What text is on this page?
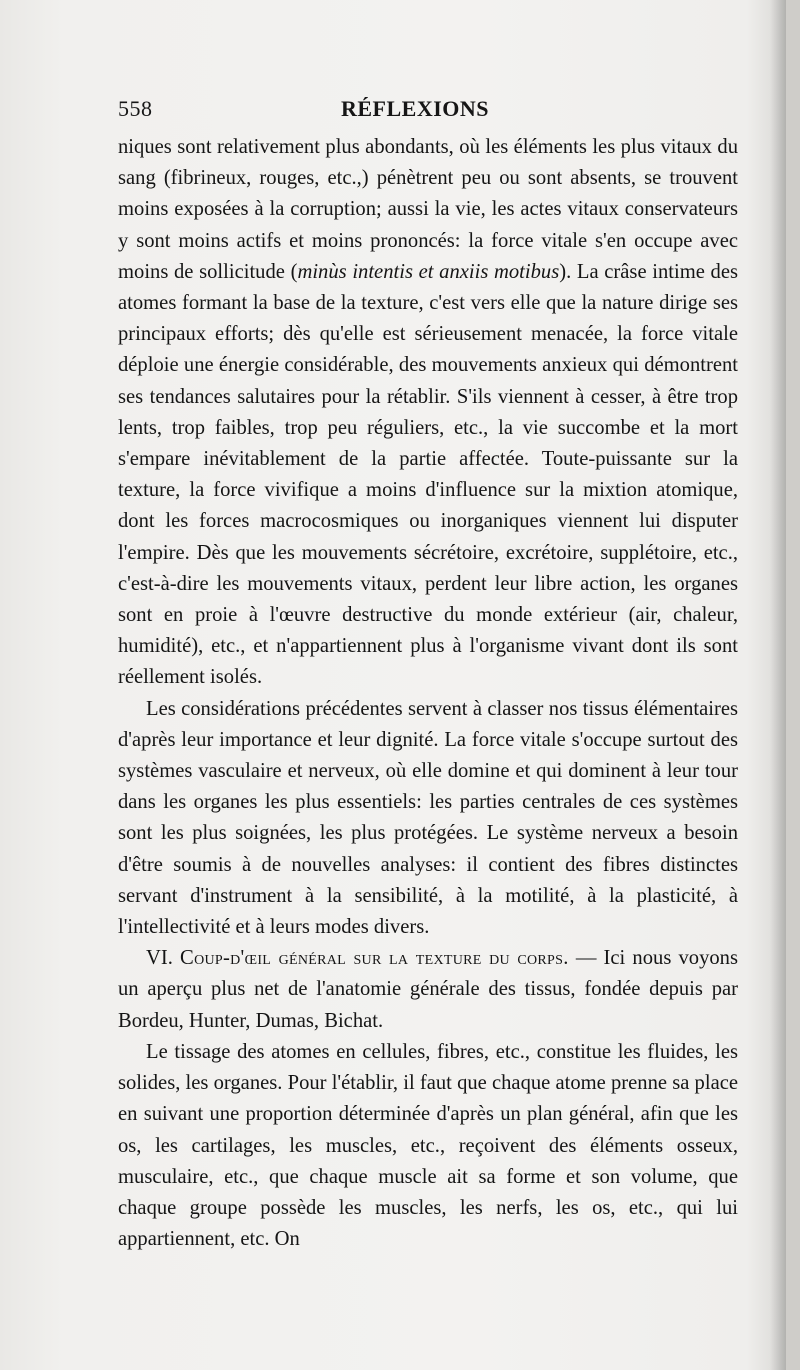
558	RÉFLEXIONS

niques sont relativement plus abondants, où les éléments les plus vitaux du sang (fibrineux, rouges, etc.,) pénètrent peu ou sont absents, se trouvent moins exposées à la corruption; aussi la vie, les actes vitaux conservateurs y sont moins actifs et moins prononcés: la force vitale s'en occupe avec moins de sollicitude (minùs intentis et anxiis motibus). La crâse intime des atomes formant la base de la texture, c'est vers elle que la nature dirige ses principaux efforts; dès qu'elle est sérieusement menacée, la force vitale déploie une énergie considérable, des mouvements anxieux qui démontrent ses tendances salutaires pour la rétablir. S'ils viennent à cesser, à être trop lents, trop faibles, trop peu réguliers, etc., la vie succombe et la mort s'empare inévitablement de la partie affectée. Toute-puissante sur la texture, la force vivifique a moins d'influence sur la mixtion atomique, dont les forces macrocosmiques ou inorganiques viennent lui disputer l'empire. Dès que les mouvements sécrétoire, excrétoire, supplétoire, etc., c'est-à-dire les mouvements vitaux, perdent leur libre action, les organes sont en proie à l'œuvre destructive du monde extérieur (air, chaleur, humidité), etc., et n'appartiennent plus à l'organisme vivant dont ils sont réellement isolés.

Les considérations précédentes servent à classer nos tissus élémentaires d'après leur importance et leur dignité. La force vitale s'occupe surtout des systèmes vasculaire et nerveux, où elle domine et qui dominent à leur tour dans les organes les plus essentiels: les parties centrales de ces systèmes sont les plus soignées, les plus protégées. Le système nerveux a besoin d'être soumis à de nouvelles analyses: il contient des fibres distinctes servant d'instrument à la sensibilité, à la motilité, à la plasticité, à l'intellectivité et à leurs modes divers.

VI. Coup-d'œil général sur la texture du corps. — Ici nous voyons un aperçu plus net de l'anatomie générale des tissus, fondée depuis par Bordeu, Hunter, Dumas, Bichat.

Le tissage des atomes en cellules, fibres, etc., constitue les fluides, les solides, les organes. Pour l'établir, il faut que chaque atome prenne sa place en suivant une proportion déterminée d'après un plan général, afin que les os, les cartilages, les muscles, etc., reçoivent des éléments osseux, musculaire, etc., que chaque muscle ait sa forme et son volume, que chaque groupe possède les muscles, les nerfs, les os, etc., qui lui appartiennent, etc. On
